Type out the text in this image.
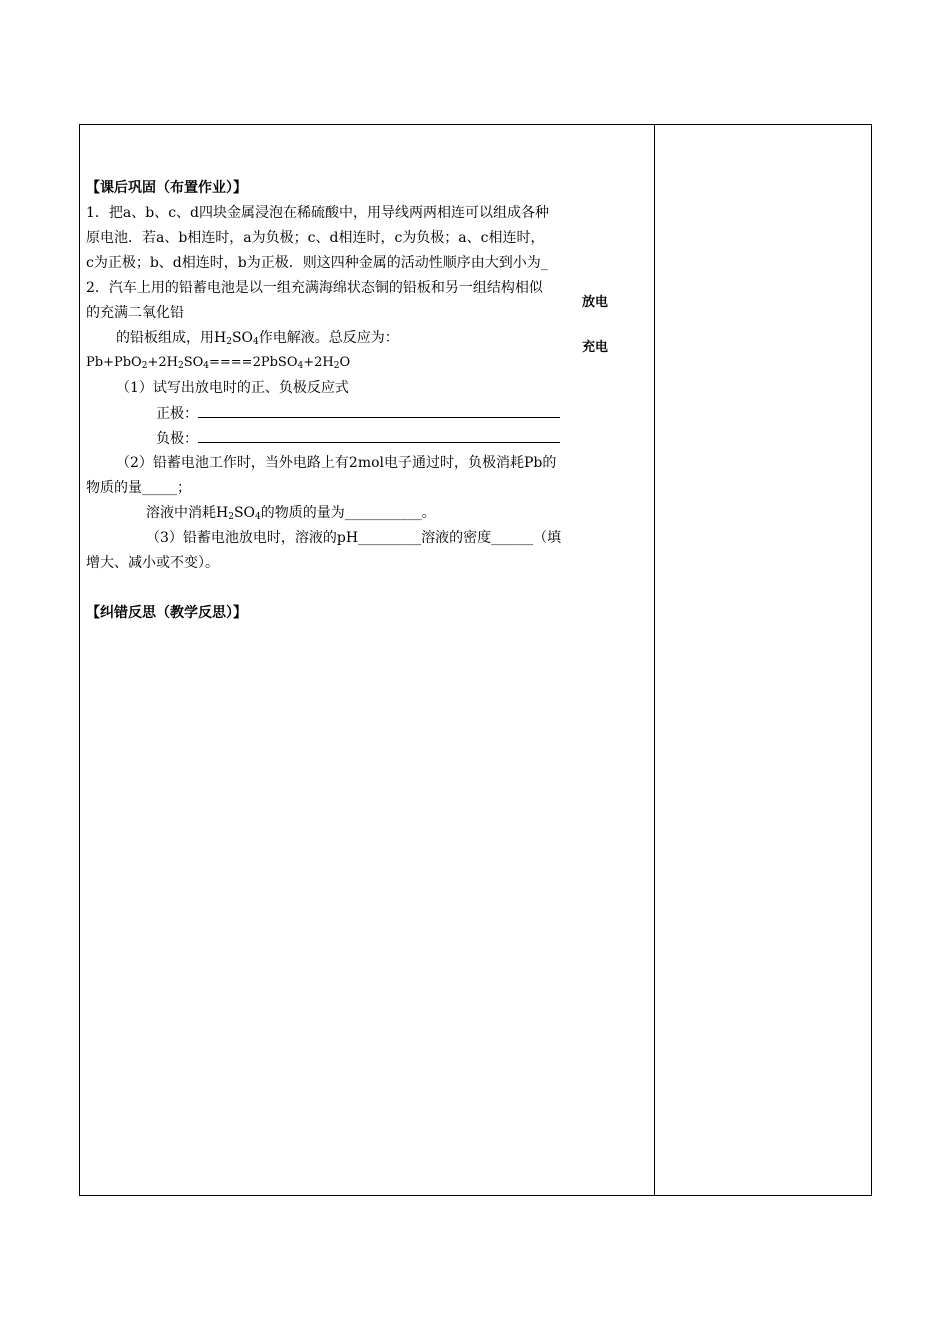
【课后巩固（布置作业）】
1．把a、b、c、d四块金属浸泡在稀硫酸中，用导线两两相连可以组成各种
原电池．若a、b相连时，a为负极；c、d相连时，c为负极；a、c相连时，
c为正极；b、d相连时，b为正极．则这四种金属的活动性顺序由大到小为_
2．汽车上用的铅蓄电池是以一组充满海绵状态铜的铅板和另一组结构相似
的充满二氧化铅
放电
的铅板组成，用$H_2SO_4$作电解液。总反应为：
充电
$Pb+PbO_2+2H_2SO_4====2PbSO_4+2H_2O$
（1）试写出放电时的正、负极反应式
正极：
负极：
（2）铅蓄电池工作时，当外电路上有2mol电子通过时，负极消耗Pb的
物质的量_____；
溶液中消耗$H_2SO_4$的物质的量为___________。
（3）铅蓄电池放电时，溶液的pH_________溶液的密度______（填
增大、减小或不变）。
【纠错反思（教学反思）】
